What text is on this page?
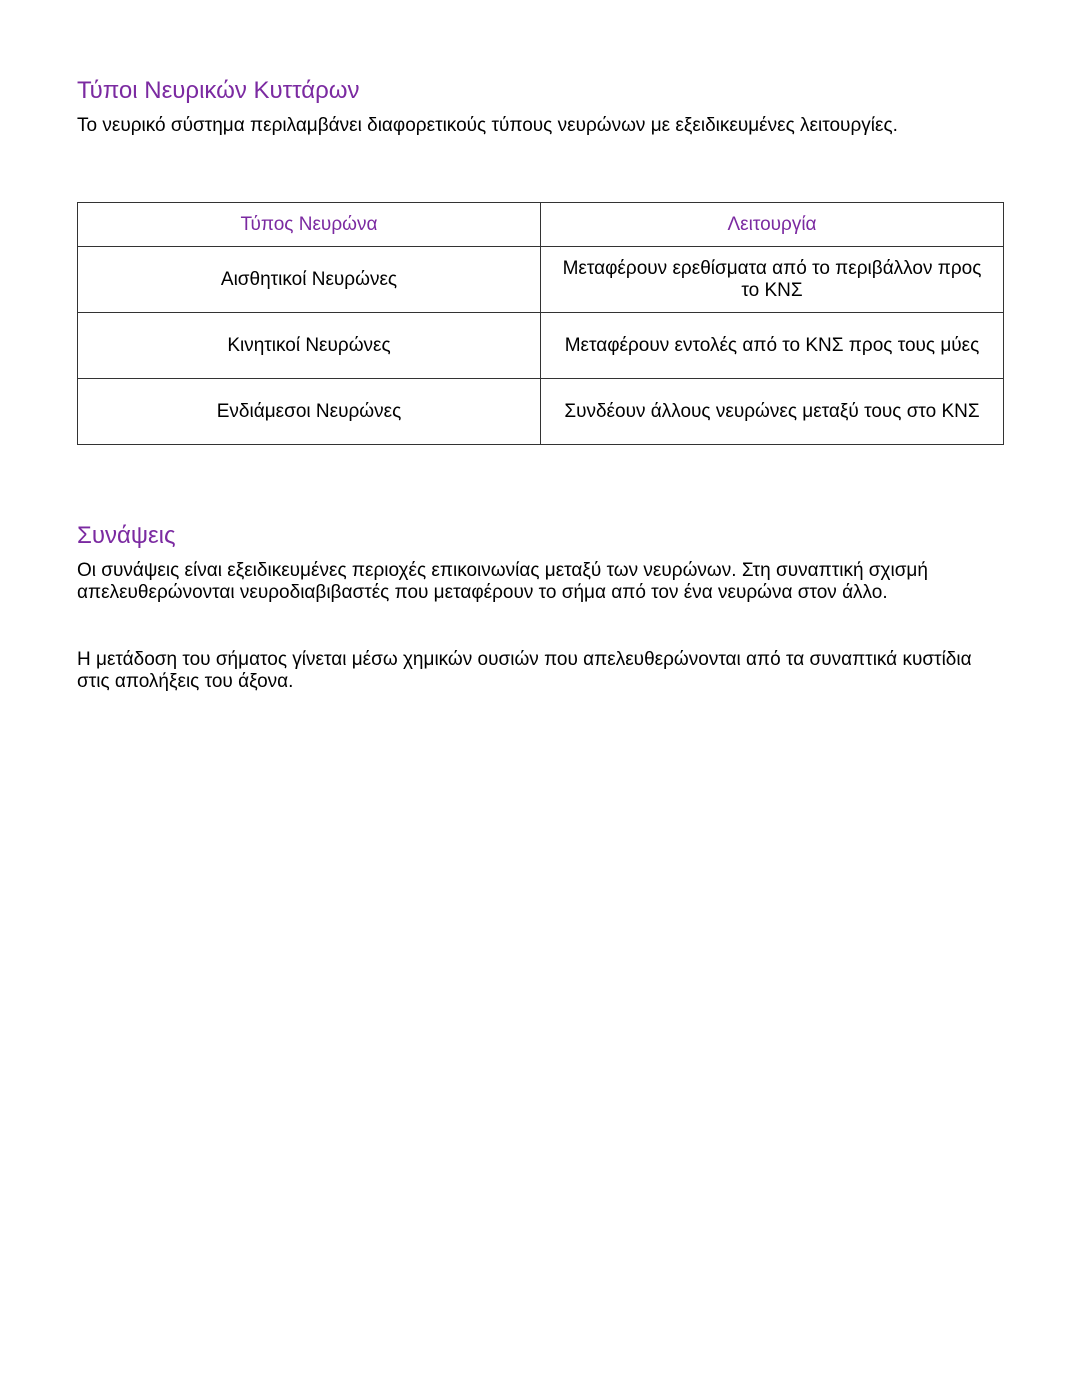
Τύποι Νευρικών Κυττάρων

Το νευρικό σύστημα περιλαμβάνει διαφορετικούς τύπους νευρώνων με εξειδικευμένες λειτουργίες.

Τύπος Νευρώνα	Λειτουργία
Αισθητικοί Νευρώνες	Μεταφέρουν ερεθίσματα από το περιβάλλον προς το ΚΝΣ
Κινητικοί Νευρώνες	Μεταφέρουν εντολές από το ΚΝΣ προς τους μύες
Ενδιάμεσοι Νευρώνες	Συνδέουν άλλους νευρώνες μεταξύ τους στο ΚΝΣ
Συνάψεις

Οι συνάψεις είναι εξειδικευμένες περιοχές επικοινωνίας μεταξύ των νευρώνων. Στη συναπτική σχισμή απελευθερώνονται νευροδιαβιβαστές που μεταφέρουν το σήμα από τον ένα νευρώνα στον άλλο.

Η μετάδοση του σήματος γίνεται μέσω χημικών ουσιών που απελευθερώνονται από τα συναπτικά κυστίδια στις απολήξεις του άξονα.
